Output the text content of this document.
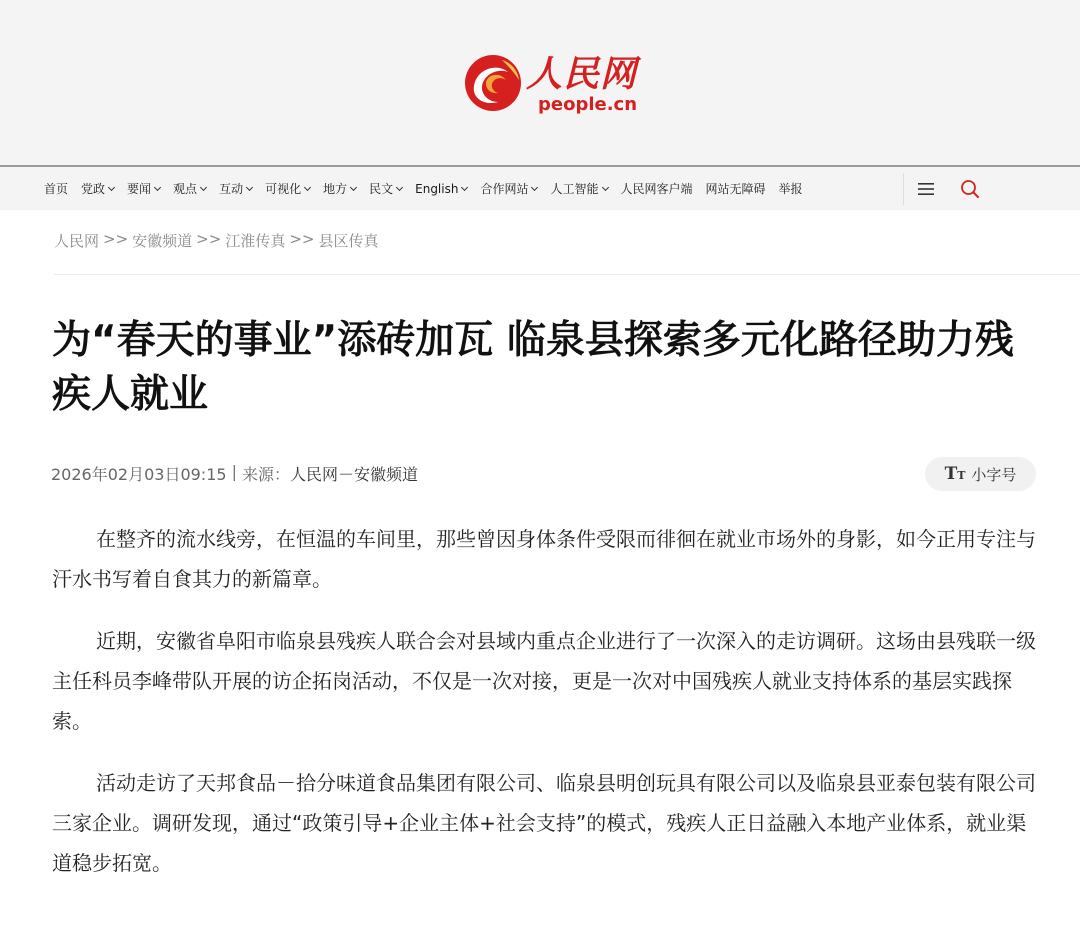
人民网
people.cn
首页 党政 要闻 观点 互动 可视化 地方 民文 English 合作网站 人工智能 人民网客户端 网站无障碍 举报
人民网 >> 安徽频道 >> 江淮传真 >> 县区传真
为“春天的事业”添砖加瓦 临泉县探索多元化路径助力残疾人就业
2026年02月03日09:15 | 来源： 人民网－安徽频道	TT 小字号

在整齐的流水线旁，在恒温的车间里，那些曾因身体条件受限而徘徊在就业市场外的身影，如今正用专注与汗水书写着自食其力的新篇章。

近期，安徽省阜阳市临泉县残疾人联合会对县域内重点企业进行了一次深入的走访调研。这场由县残联一级主任科员李峰带队开展的访企拓岗活动，不仅是一次对接，更是一次对中国残疾人就业支持体系的基层实践探索。

活动走访了天邦食品－拾分味道食品集团有限公司、临泉县明创玩具有限公司以及临泉县亚泰包装有限公司三家企业。调研发现，通过“政策引导+企业主体+社会支持”的模式，残疾人正日益融入本地产业体系，就业渠道稳步拓宽。
